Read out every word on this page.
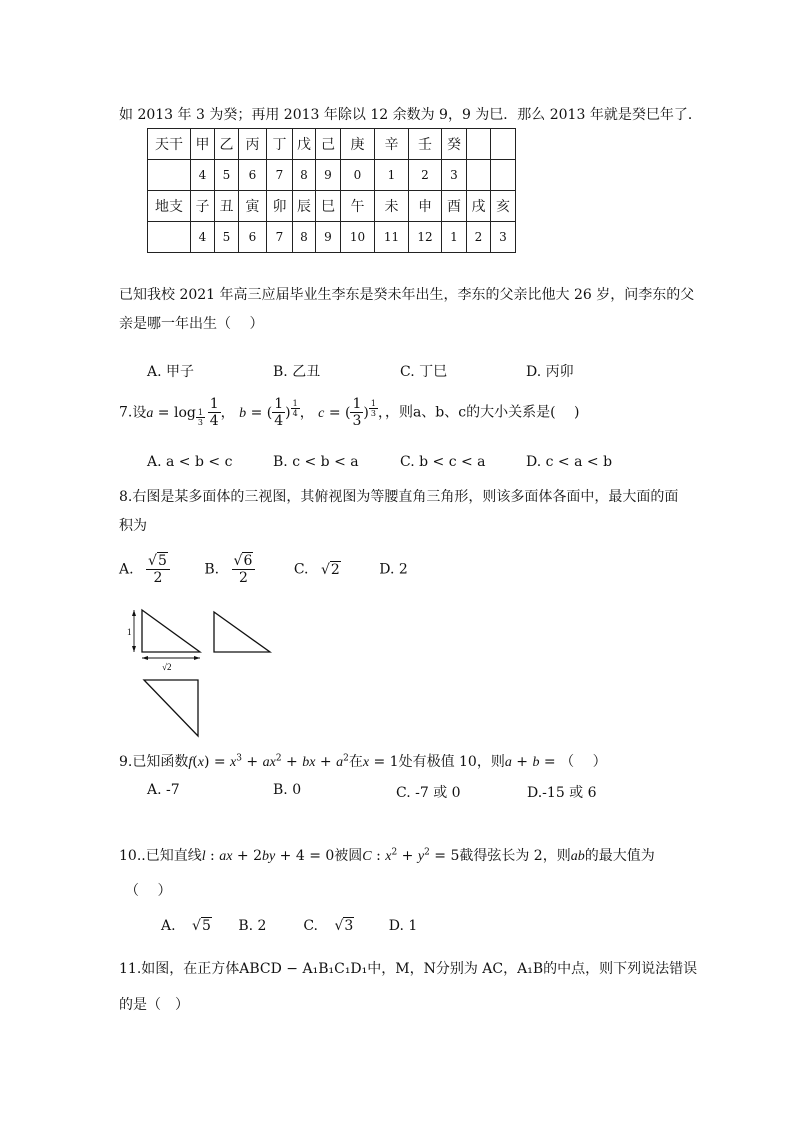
如 2013 年 3 为癸；再用 2013 年除以 12 余数为 9，9 为巳．那么 2013 年就是癸巳年了．
天干	甲	乙	丙	丁	戊	己	庚	辛	壬	癸		
	4	5	6	7	8	9	0	1	2	3		
地支	子	丑	寅	卯	辰	巳	午	未	申	酉	戌	亥
	4	5	6	7	8	9	10	11	12	1	2	3
已知我校 2021 年高三应届毕业生李东是癸未年出生，李东的父亲比他大 26 岁，问李东的父
亲是哪一年出生（　 ）
A. 甲子	B. 乙丑	C. 丁巳	D. 丙卯
7.设a = log $_{\frac{1}{3}}$
  $\frac{1}{4}$ ， b = ( $\frac{1}{4}$ ) $^{\frac{1}{4}}$ ， c = ( $\frac{1}{3}$ ) $^{\frac{1}{3}}$ ，，则a、b、c的大小关系是(　 )
A. a < b < c	B. c < b < a	C. b < c < a	D. c < a < b
8.右图是某多面体的三视图，其俯视图为等腰直角三角形，则该多面体各面中，最大面的面
积为
A. $\frac{√5}{2} B$. $\frac{√6}{2}$	C. √2	D. 2
1
√2
9.已知函数$f(x) = x^3 + ax^2$ + bx + $a^2$在x = 1处有极值 10，则a + b = （　 ）
A. -7	B. 0	C. -7 或 0	D.-15 或 6
10..已知直线l : ax + 2by + 4 = 0被圆C : $x^2 + y^2 = 5$截得弦长为 2，则ab的最大值为
（　 ）
A. √5 B. 2	C. √3	D. 1
11.如图，在正方体ABCD − A₁B₁C₁D₁中，M，N分别为 AC，A₁B的中点，则下列说法错误
的是（　）
